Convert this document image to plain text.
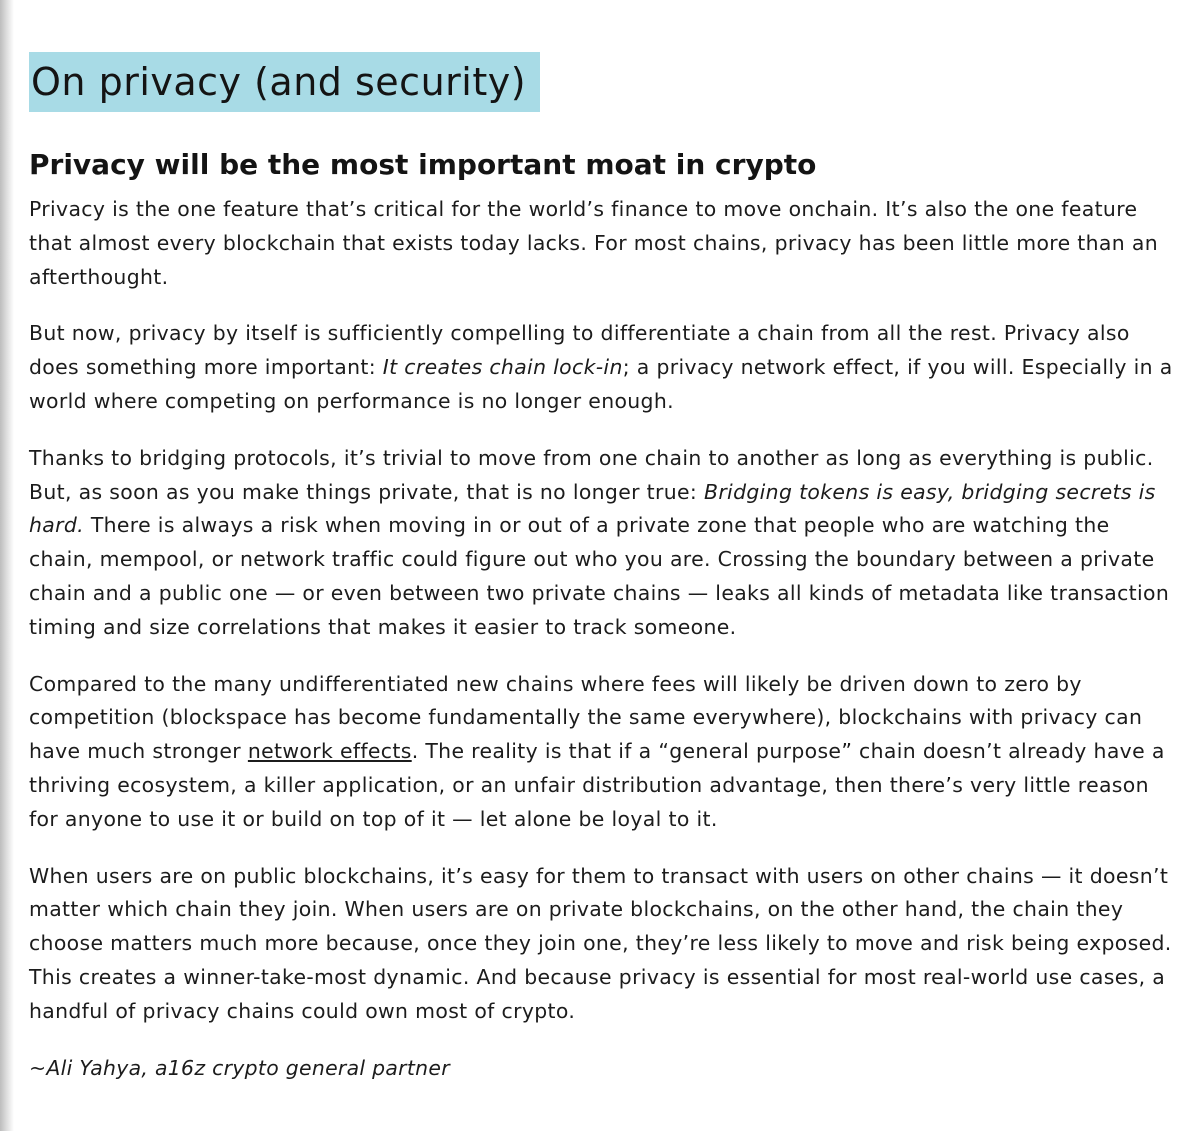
On privacy (and security)
Privacy will be the most important moat in crypto

Privacy is the one feature that’s critical for the world’s finance to move onchain. It’s also the one feature that almost every blockchain that exists today lacks. For most chains, privacy has been little more than an afterthought.

But now, privacy by itself is sufficiently compelling to differentiate a chain from all the rest. Privacy also does something more important: It creates chain lock-in; a privacy network effect, if you will. Especially in a world where competing on performance is no longer enough.

Thanks to bridging protocols, it’s trivial to move from one chain to another as long as everything is public. But, as soon as you make things private, that is no longer true: Bridging tokens is easy, bridging secrets is hard. There is always a risk when moving in or out of a private zone that people who are watching the chain, mempool, or network traffic could figure out who you are. Crossing the boundary between a private chain and a public one — or even between two private chains — leaks all kinds of metadata like transaction timing and size correlations that makes it easier to track someone.

Compared to the many undifferentiated new chains where fees will likely be driven down to zero by competition (blockspace has become fundamentally the same everywhere), blockchains with privacy can have much stronger network effects. The reality is that if a “general purpose” chain doesn’t already have a thriving ecosystem, a killer application, or an unfair distribution advantage, then there’s very little reason for anyone to use it or build on top of it — let alone be loyal to it.

When users are on public blockchains, it’s easy for them to transact with users on other chains — it doesn’t matter which chain they join. When users are on private blockchains, on the other hand, the chain they choose matters much more because, once they join one, they’re less likely to move and risk being exposed. This creates a winner-take-most dynamic. And because privacy is essential for most real-world use cases, a handful of privacy chains could own most of crypto.

~Ali Yahya, a16z crypto general partner
